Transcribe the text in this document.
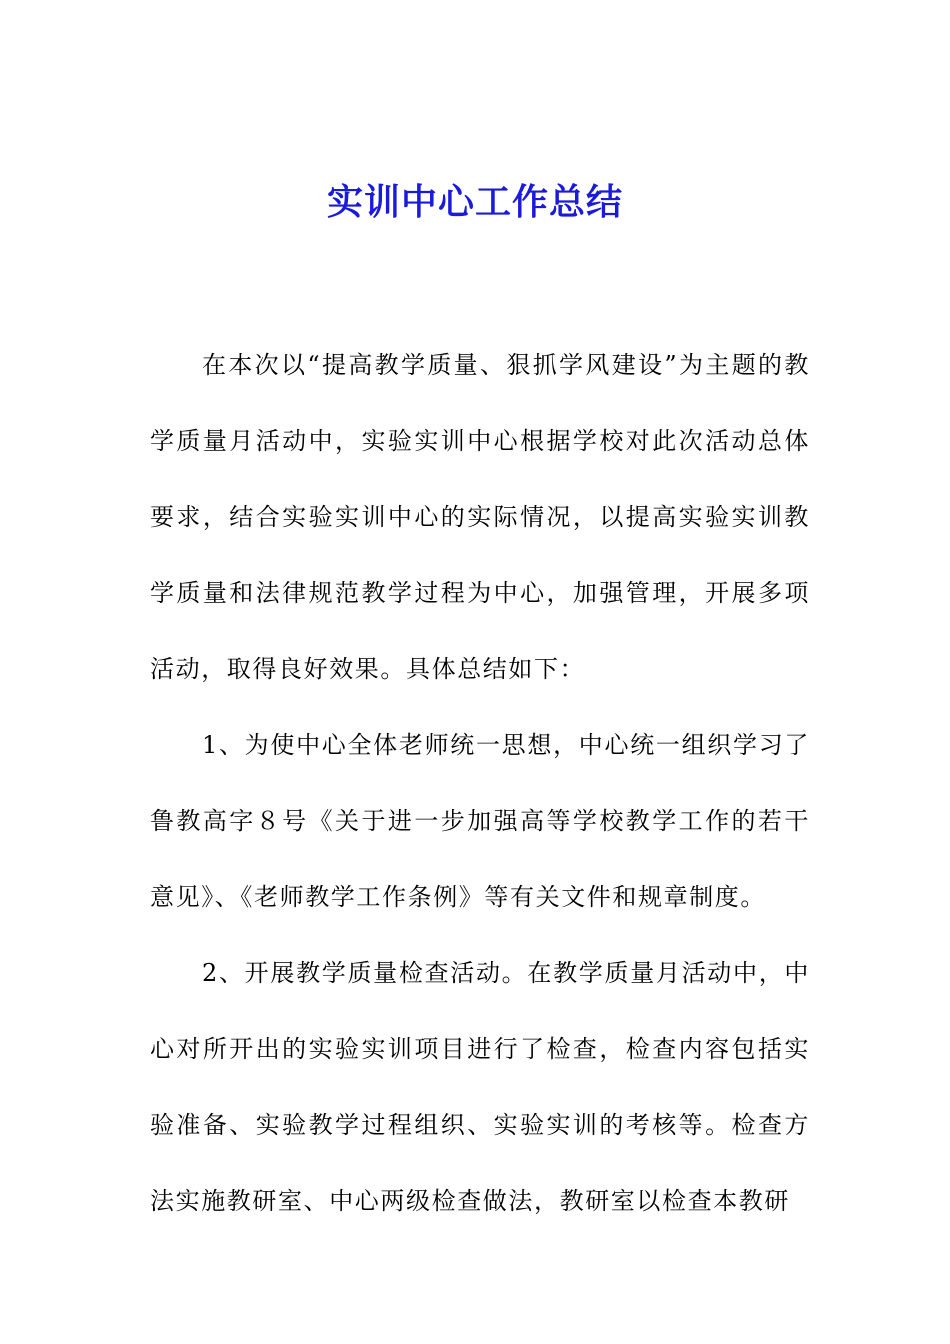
实训中心工作总结

在本次以“提高教学质量、狠抓学风建设”为主题的教学质量月活动中，实验实训中心根据学校对此次活动总体要求，结合实验实训中心的实际情况，以提高实验实训教学质量和法律规范教学过程为中心，加强管理，开展多项活动，取得良好效果。具体总结如下：

1、为使中心全体老师统一思想，中心统一组织学习了鲁教高字８号《关于进一步加强高等学校教学工作的若干意见》、《老师教学工作条例》等有关文件和规章制度。

2、开展教学质量检查活动。在教学质量月活动中，中心对所开出的实验实训项目进行了检查，检查内容包括实验准备、实验教学过程组织、实验实训的考核等。检查方法实施教研室、中心两级检查做法，教研室以检查本教研
